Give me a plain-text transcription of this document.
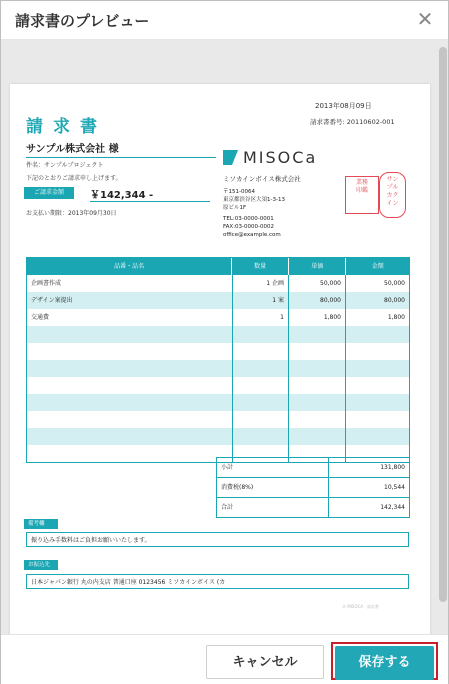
請求書のプレビュー	✕
2013年08月09日
請求書番号: 20110602-001
請求書
サンプル株式会社 様
件名：サンプルプロジェクト
下記のとおりご請求申し上げます。
ご請求金額	￥142,344 -
お支払い期限：2013年09月30日
MISOCa
ミソカインボイス株式会社
〒151-0064
東京都渋谷区大須1-3-13
原ビル1F
TEL:03-0000-0001
FAX:03-0000-0002
office@example.com
業務
印鑑
サン
プル
カク
イン
品番・品名	数量	単価	金額
企画書作成	1 企画	50,000	50,000
デザイン案提出	1 案	80,000	80,000
交通費	1	1,800	1,800
小計	131,800
消費税(8%)	10,544
合計	142,344
備考欄
振り込み手数料はご負担お願いいたします。
お振込先
日本ジャパン銀行 丸の内支店 普通口座 0123456 ミソカインボイス (カ
Ⓜ MISOCA · 請求書
キャンセル	保存する
